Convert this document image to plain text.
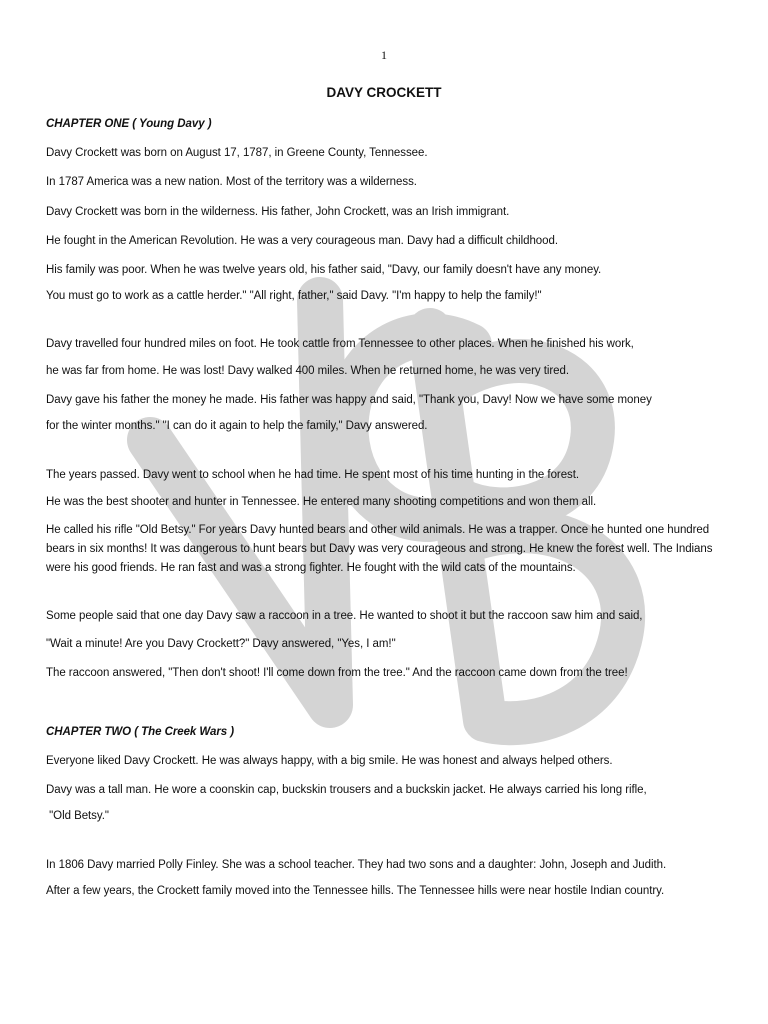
1
DAVY CROCKETT
CHAPTER ONE ( Young Davy )
Davy Crockett was born on August 17, 1787, in Greene County, Tennessee.
In 1787 America was a new nation. Most of the territory was a wilderness.
Davy Crockett was born in the wilderness. His father, John Crockett, was an Irish immigrant.
He fought in the American Revolution. He was a very courageous man. Davy had a difficult childhood.
His family was poor. When he was twelve years old, his father said, "Davy, our family doesn't have any money.
You must go to work as a cattle herder." "All right, father," said Davy. "I'm happy to help the family!"
Davy travelled four hundred miles on foot. He took cattle from Tennessee to other places. When he finished his work,
he was far from home. He was lost! Davy walked 400 miles. When he returned home, he was very tired.
Davy gave his father the money he made. His father was happy and said, "Thank you, Davy! Now we have some money
for the winter months." "I can do it again to help the family," Davy answered.
The years passed. Davy went to school when he had time. He spent most of his time hunting in the forest.
He was the best shooter and hunter in Tennessee. He entered many shooting competitions and won them all.
He called his rifle "Old Betsy." For years Davy hunted bears and other wild animals. He was a trapper. Once he hunted one hundred bears in six months! It was dangerous to hunt bears but Davy was very courageous and strong. He knew the forest well. The Indians were his good friends. He ran fast and was a strong fighter. He fought with the wild cats of the mountains.
Some people said that one day Davy saw a raccoon in a tree. He wanted to shoot it but the raccoon saw him and said,
"Wait a minute! Are you Davy Crockett?" Davy answered, "Yes, I am!"
The raccoon answered, "Then don't shoot! I'll come down from the tree." And the raccoon came down from the tree!
CHAPTER TWO ( The Creek Wars )
Everyone liked Davy Crockett. He was always happy, with a big smile. He was honest and always helped others.
Davy was a tall man. He wore a coonskin cap, buckskin trousers and a buckskin jacket. He always carried his long rifle,
"Old Betsy."
In 1806 Davy married Polly Finley. She was a school teacher. They had two sons and a daughter: John, Joseph and Judith.
After a few years, the Crockett family moved into the Tennessee hills. The Tennessee hills were near hostile Indian country.
